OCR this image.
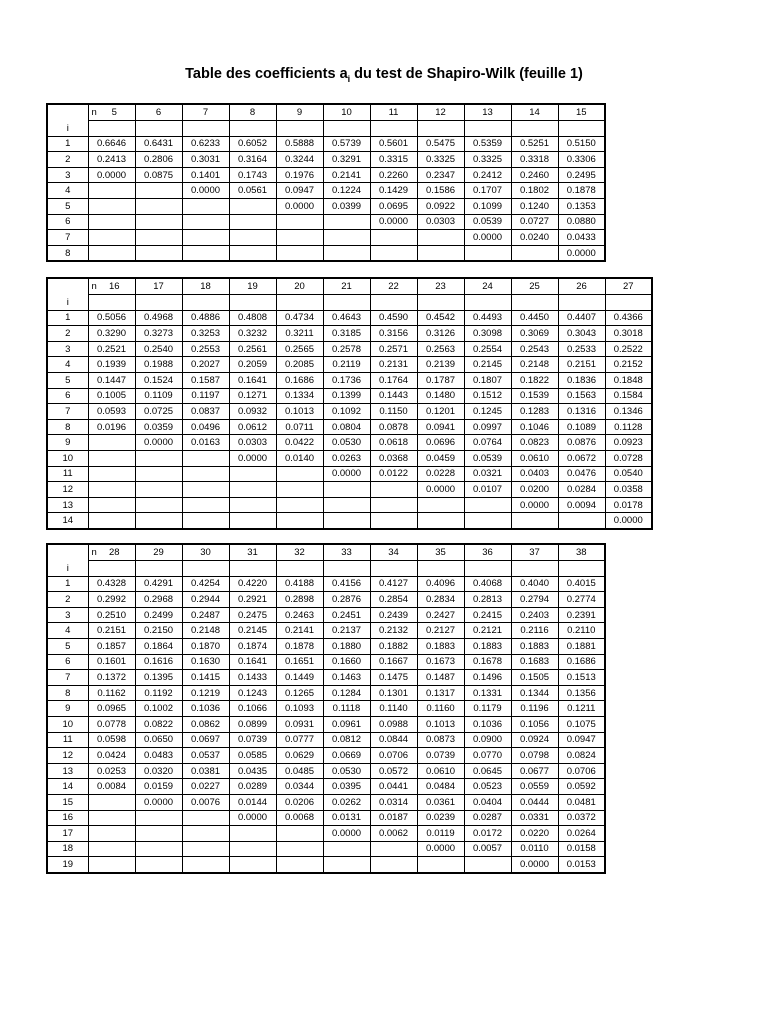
Table des coefficients $a_i$ du test de Shapiro-Wilk (feuille 1)
	n 5	6	7	8	9	10	11	12	13	14	15
i											
1	0.6646	0.6431	0.6233	0.6052	0.5888	0.5739	0.5601	0.5475	0.5359	0.5251	0.5150
2	0.2413	0.2806	0.3031	0.3164	0.3244	0.3291	0.3315	0.3325	0.3325	0.3318	0.3306
3	0.0000	0.0875	0.1401	0.1743	0.1976	0.2141	0.2260	0.2347	0.2412	0.2460	0.2495
4			0.0000	0.0561	0.0947	0.1224	0.1429	0.1586	0.1707	0.1802	0.1878
5					0.0000	0.0399	0.0695	0.0922	0.1099	0.1240	0.1353
6							0.0000	0.0303	0.0539	0.0727	0.0880
7									0.0000	0.0240	0.0433
8											0.0000
	n 16	17	18	19	20	21	22	23	24	25	26	27
i												
1	0.5056	0.4968	0.4886	0.4808	0.4734	0.4643	0.4590	0.4542	0.4493	0.4450	0.4407	0.4366
2	0.3290	0.3273	0.3253	0.3232	0.3211	0.3185	0.3156	0.3126	0.3098	0.3069	0.3043	0.3018
3	0.2521	0.2540	0.2553	0.2561	0.2565	0.2578	0.2571	0.2563	0.2554	0.2543	0.2533	0.2522
4	0.1939	0.1988	0.2027	0.2059	0.2085	0.2119	0.2131	0.2139	0.2145	0.2148	0.2151	0.2152
5	0.1447	0.1524	0.1587	0.1641	0.1686	0.1736	0.1764	0.1787	0.1807	0.1822	0.1836	0.1848
6	0.1005	0.1109	0.1197	0.1271	0.1334	0.1399	0.1443	0.1480	0.1512	0.1539	0.1563	0.1584
7	0.0593	0.0725	0.0837	0.0932	0.1013	0.1092	0.1150	0.1201	0.1245	0.1283	0.1316	0.1346
8	0.0196	0.0359	0.0496	0.0612	0.0711	0.0804	0.0878	0.0941	0.0997	0.1046	0.1089	0.1128
9		0.0000	0.0163	0.0303	0.0422	0.0530	0.0618	0.0696	0.0764	0.0823	0.0876	0.0923
10				0.0000	0.0140	0.0263	0.0368	0.0459	0.0539	0.0610	0.0672	0.0728
11						0.0000	0.0122	0.0228	0.0321	0.0403	0.0476	0.0540
12								0.0000	0.0107	0.0200	0.0284	0.0358
13										0.0000	0.0094	0.0178
14												0.0000
	n 28	29	30	31	32	33	34	35	36	37	38
i											
1	0.4328	0.4291	0.4254	0.4220	0.4188	0.4156	0.4127	0.4096	0.4068	0.4040	0.4015
2	0.2992	0.2968	0.2944	0.2921	0.2898	0.2876	0.2854	0.2834	0.2813	0.2794	0.2774
3	0.2510	0.2499	0.2487	0.2475	0.2463	0.2451	0.2439	0.2427	0.2415	0.2403	0.2391
4	0.2151	0.2150	0.2148	0.2145	0.2141	0.2137	0.2132	0.2127	0.2121	0.2116	0.2110
5	0.1857	0.1864	0.1870	0.1874	0.1878	0.1880	0.1882	0.1883	0.1883	0.1883	0.1881
6	0.1601	0.1616	0.1630	0.1641	0.1651	0.1660	0.1667	0.1673	0.1678	0.1683	0.1686
7	0.1372	0.1395	0.1415	0.1433	0.1449	0.1463	0.1475	0.1487	0.1496	0.1505	0.1513
8	0.1162	0.1192	0.1219	0.1243	0.1265	0.1284	0.1301	0.1317	0.1331	0.1344	0.1356
9	0.0965	0.1002	0.1036	0.1066	0.1093	0.1118	0.1140	0.1160	0.1179	0.1196	0.1211
10	0.0778	0.0822	0.0862	0.0899	0.0931	0.0961	0.0988	0.1013	0.1036	0.1056	0.1075
11	0.0598	0.0650	0.0697	0.0739	0.0777	0.0812	0.0844	0.0873	0.0900	0.0924	0.0947
12	0.0424	0.0483	0.0537	0.0585	0.0629	0.0669	0.0706	0.0739	0.0770	0.0798	0.0824
13	0.0253	0.0320	0.0381	0.0435	0.0485	0.0530	0.0572	0.0610	0.0645	0.0677	0.0706
14	0.0084	0.0159	0.0227	0.0289	0.0344	0.0395	0.0441	0.0484	0.0523	0.0559	0.0592
15		0.0000	0.0076	0.0144	0.0206	0.0262	0.0314	0.0361	0.0404	0.0444	0.0481
16				0.0000	0.0068	0.0131	0.0187	0.0239	0.0287	0.0331	0.0372
17						0.0000	0.0062	0.0119	0.0172	0.0220	0.0264
18								0.0000	0.0057	0.0110	0.0158
19										0.0000	0.0153
